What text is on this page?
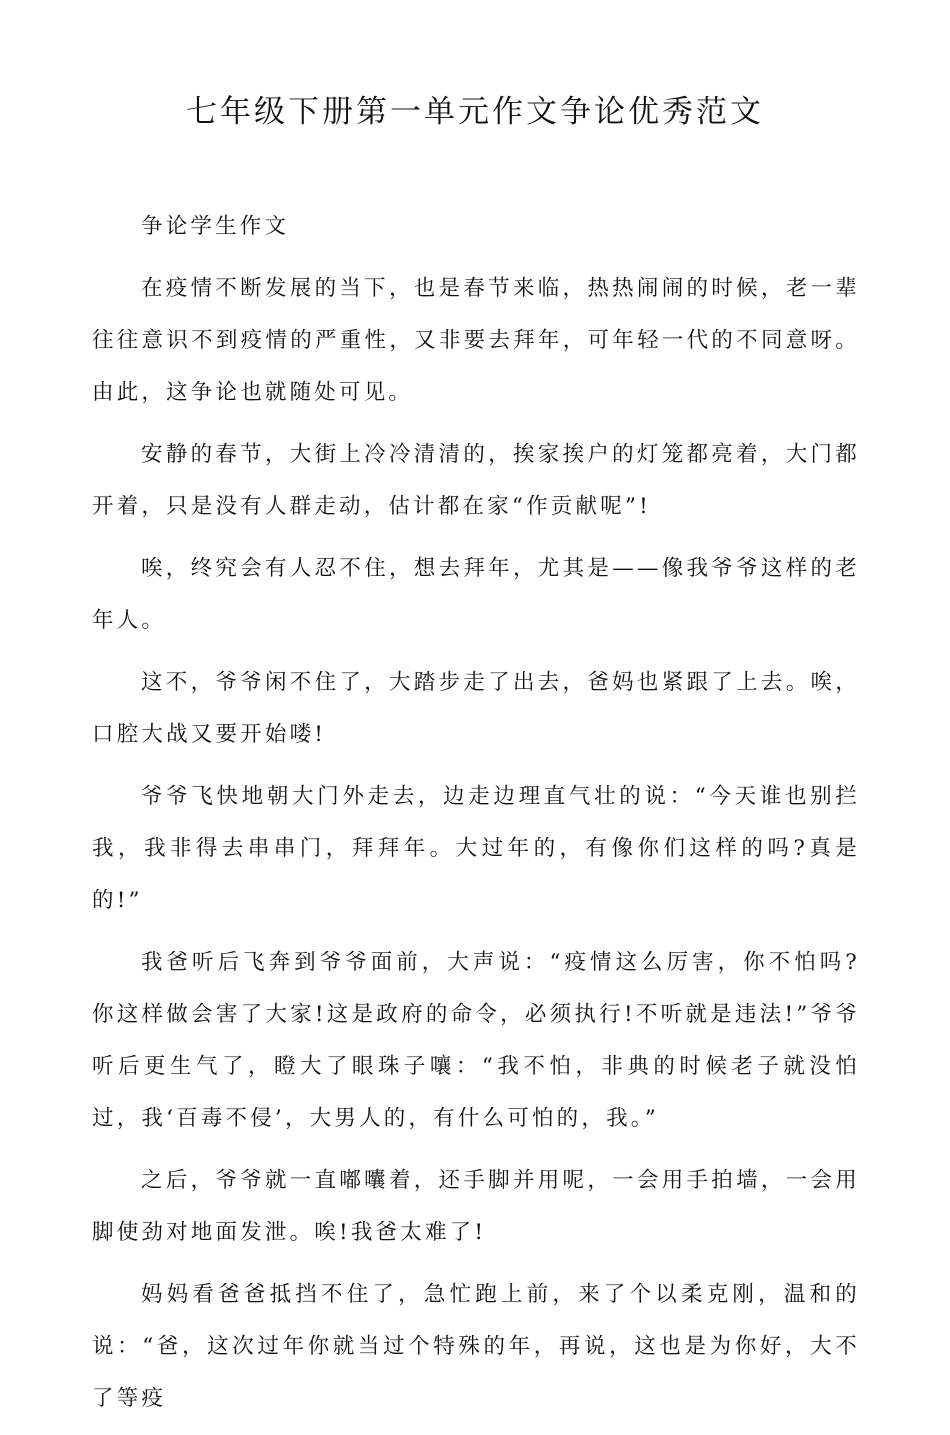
七年级下册第一单元作文争论优秀范文

争论学生作文

在疫情不断发展的当下，也是春节来临，热热闹闹的时候，老一辈往往意识不到疫情的严重性，又非要去拜年，可年轻一代的不同意呀。由此，这争论也就随处可见。

安静的春节，大街上冷冷清清的，挨家挨户的灯笼都亮着，大门都开着，只是没有人群走动，估计都在家“作贡献呢”!

唉，终究会有人忍不住，想去拜年，尤其是——像我爷爷这样的老年人。

这不，爷爷闲不住了，大踏步走了出去，爸妈也紧跟了上去。唉，口腔大战又要开始喽!

爷爷飞快地朝大门外走去，边走边理直气壮的说：“今天谁也别拦我，我非得去串串门，拜拜年。大过年的，有像你们这样的吗?真是的!”

我爸听后飞奔到爷爷面前，大声说：“疫情这么厉害，你不怕吗?你这样做会害了大家!这是政府的命令，必须执行!不听就是违法!”爷爷听后更生气了，瞪大了眼珠子嚷：“我不怕，非典的时候老子就没怕过，我‘百毒不侵’，大男人的，有什么可怕的，我。”

之后，爷爷就一直嘟囔着，还手脚并用呢，一会用手拍墙，一会用脚使劲对地面发泄。唉!我爸太难了!

妈妈看爸爸抵挡不住了，急忙跑上前，来了个以柔克刚，温和的说：“爸，这次过年你就当过个特殊的年，再说，这也是为你好，大不了等疫
